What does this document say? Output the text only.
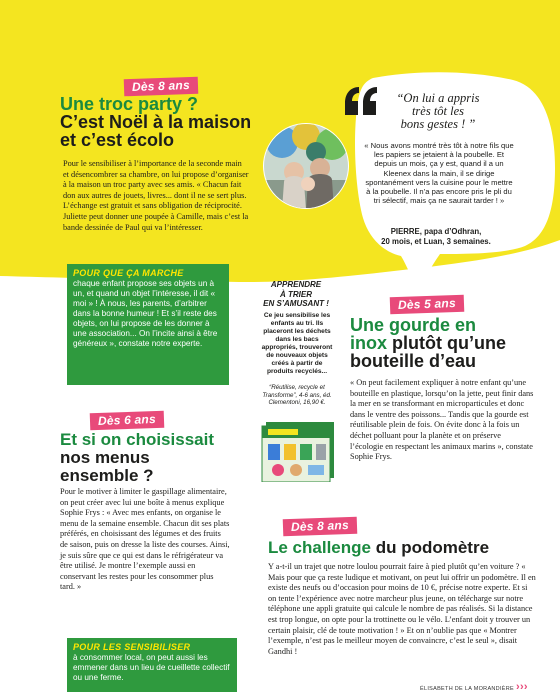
Dès 8 ans
Une troc party ?
C’est Noël à la maison
et c’est écolo

Pour le sensibiliser à l’importance de la seconde main et désencombrer sa chambre, on lui propose d’organiser à la maison un troc party avec ses amis. « Chacun fait don aux autres de jouets, livres... dont il ne se sert plus. L’échange est gratuit et sans obligation de réciprocité. Juliette peut donner une poupée à Camille, mais c’est la bande dessinée de Paul qui va l’intéresser.

POUR QUE ÇA MARCHE

chaque enfant propose ses objets un à un, et quand un objet l’intéresse, il dit « moi » ! À nous, les parents, d’arbitrer dans la bonne humeur ! Et s’il reste des objets, on lui propose de les donner à une association... On l’incite ainsi à être généreux », constate notre experte.

“On lui a appris
très tôt les
bons gestes ! ”

« Nous avons montré très tôt à notre fils que les papiers se jetaient à la poubelle. Et depuis un mois, ça y est, quand il a un Kleenex dans la main, il se dirige spontanément vers la cuisine pour le mettre à la poubelle. Il n’a pas encore pris le pli du tri sélectif, mais ça ne saurait tarder ! »

PIERRE, papa d’Odhran,
20 mois, et Luan, 3 semaines.
APPRENDRE
À TRIER
EN S’AMUSANT !

Ce jeu sensibilise les enfants au tri. Ils placeront les déchets dans les bacs appropriés, trouveront de nouveaux objets créés à partir de produits recyclés...

“Réutilise, recycle et Transforme”, 4-6 ans, éd. Clementoni, 16,90 €.

Dès 5 ans
Une gourde en
inox plutôt qu’une
bouteille d’eau

« On peut facilement expliquer à notre enfant qu’une bouteille en plastique, lorsqu’on la jette, peut finir dans la mer en se transformant en microparticules et donc dans le ventre des poissons... Tandis que la gourde est réutilisable plein de fois. On évite donc à la fois un déchet polluant pour la planète et on préserve l’écologie en respectant les animaux marins », constate Sophie Frys.

Dès 6 ans
Et si on choisissait
nos menus
ensemble ?

Pour le motiver à limiter le gaspillage alimentaire, on peut créer avec lui une boîte à menus explique Sophie Frys : « Avec mes enfants, on organise le menu de la semaine ensemble. Chacun dit ses plats préférés, en choisissant des légumes et des fruits de saison, puis on dresse la liste des courses. Ainsi, je suis sûre que ce qui est dans le réfrigérateur va être utilisé. Je montre l’exemple aussi en conservant les restes pour les consommer plus tard. »

POUR LES SENSIBILISER

à consommer local, on peut aussi les emmener dans un lieu de cueillette collectif ou une ferme.

Dès 8 ans
Le challenge du podomètre

Y a-t-il un trajet que notre loulou pourrait faire à pied plutôt qu’en voiture ? « Mais pour que ça reste ludique et motivant, on peut lui offrir un podomètre. Il en existe des neufs ou d’occasion pour moins de 10 €, précise notre experte. Et si on tente l’expérience avec notre marcheur plus jeune, on télécharge sur notre téléphone une appli gratuite qui calcule le nombre de pas réalisés. Si la distance est trop longue, on opte pour la trottinette ou le vélo. L’enfant doit y trouver un certain plaisir, clé de toute motivation ! » Et on n’oublie pas que « Montrer l’exemple, n’est pas le meilleur moyen de convaincre, c’est le seul », disait Gandhi !

ÉLISABETH DE LA MORANDIÈRE ›››
